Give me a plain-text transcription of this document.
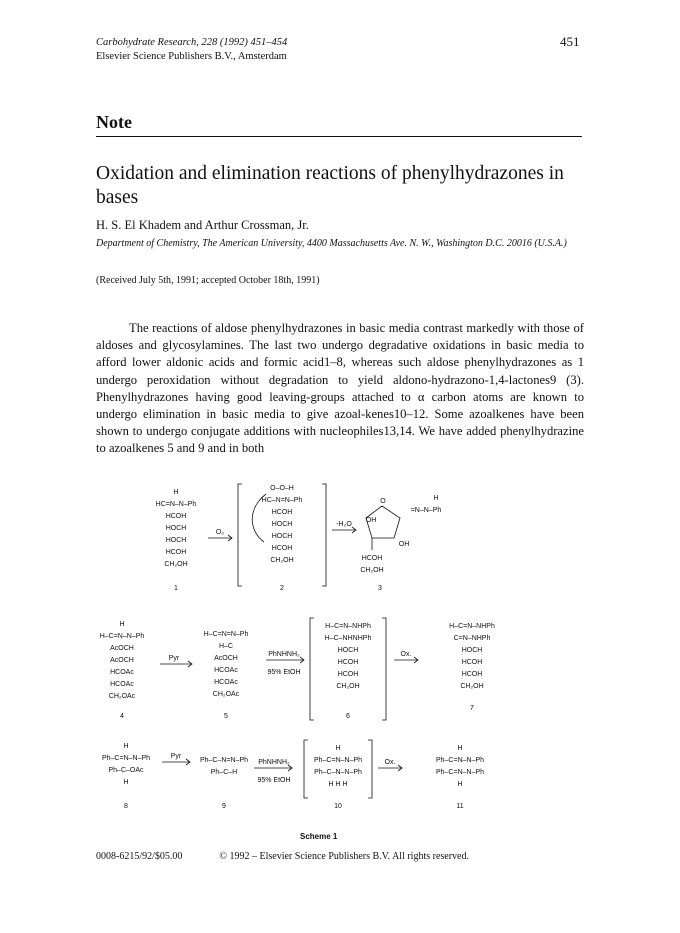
Carbohydrate Research, 228 (1992) 451–454
Elsevier Science Publishers B.V., Amsterdam
451
Note
Oxidation and elimination reactions of phenylhydrazones in bases
H. S. El Khadem and Arthur Crossman, Jr.
Department of Chemistry, The American University, 4400 Massachusetts Ave. N. W., Washington D.C. 20016 (U.S.A.)
(Received July 5th, 1991; accepted October 18th, 1991)

The reactions of aldose phenylhydrazones in basic media contrast markedly with those of aldoses and glycosylamines. The last two undergo degradative oxidations in basic media to afford lower aldonic acids and formic acid1–8, whereas such aldose phenylhydrazones as 1 undergo peroxidation without degradation to yield aldono-hydrazono-1,4-lactones9 (3). Phenylhydrazones having good leaving-groups attached to α carbon atoms are known to undergo elimination in basic media to give azoal-kenes10–12. Some azoalkenes have been shown to undergo conjugate additions with nucleophiles13,14. We have added phenylhydrazine to azoalkenes 5 and 9 and in both

H
HC=N–N–Ph
HCOH
HOCH
HOCH
HCOH
CH₂OH
1
O₂
O–O–H
HC–N=N–Ph
HCOH
HOCH
HOCH
HCOH
CH₂OH
2
-H₂O
H
=N–N–Ph
O
OH
OH
HCOH
CH₂OH
3
H
H–C=N–N–Ph
AcOCH
AcOCH
HCOAc
HCOAc
CH₂OAc
4
Pyr
H–C=N=N–Ph
H–C
AcOCH
HCOAc
HCOAc
CH₂OAc
5
PhNHNH₂
95% EtOH
H–C=N–NHPh
H–C–NHNHPh
HOCH
HCOH
HCOH
CH₂OH
6
Ox.
H–C=N–NHPh
C=N–NHPh
HOCH
HCOH
HCOH
CH₂OH
7
H
Ph–C=N–N–Ph
Ph–C–OAc
H
8
Pyr
Ph–C–N=N–Ph
Ph–C–H
9
PhNHNH₂
95% EtOH
H
Ph–C=N–N–Ph
Ph–C–N–N–Ph
H H H
10
Ox.
H
Ph–C=N–N–Ph
Ph–C=N–N–Ph
H
11
Scheme 1
0008-6215/92/$05.00	© 1992 – Elsevier Science Publishers B.V. All rights reserved.
